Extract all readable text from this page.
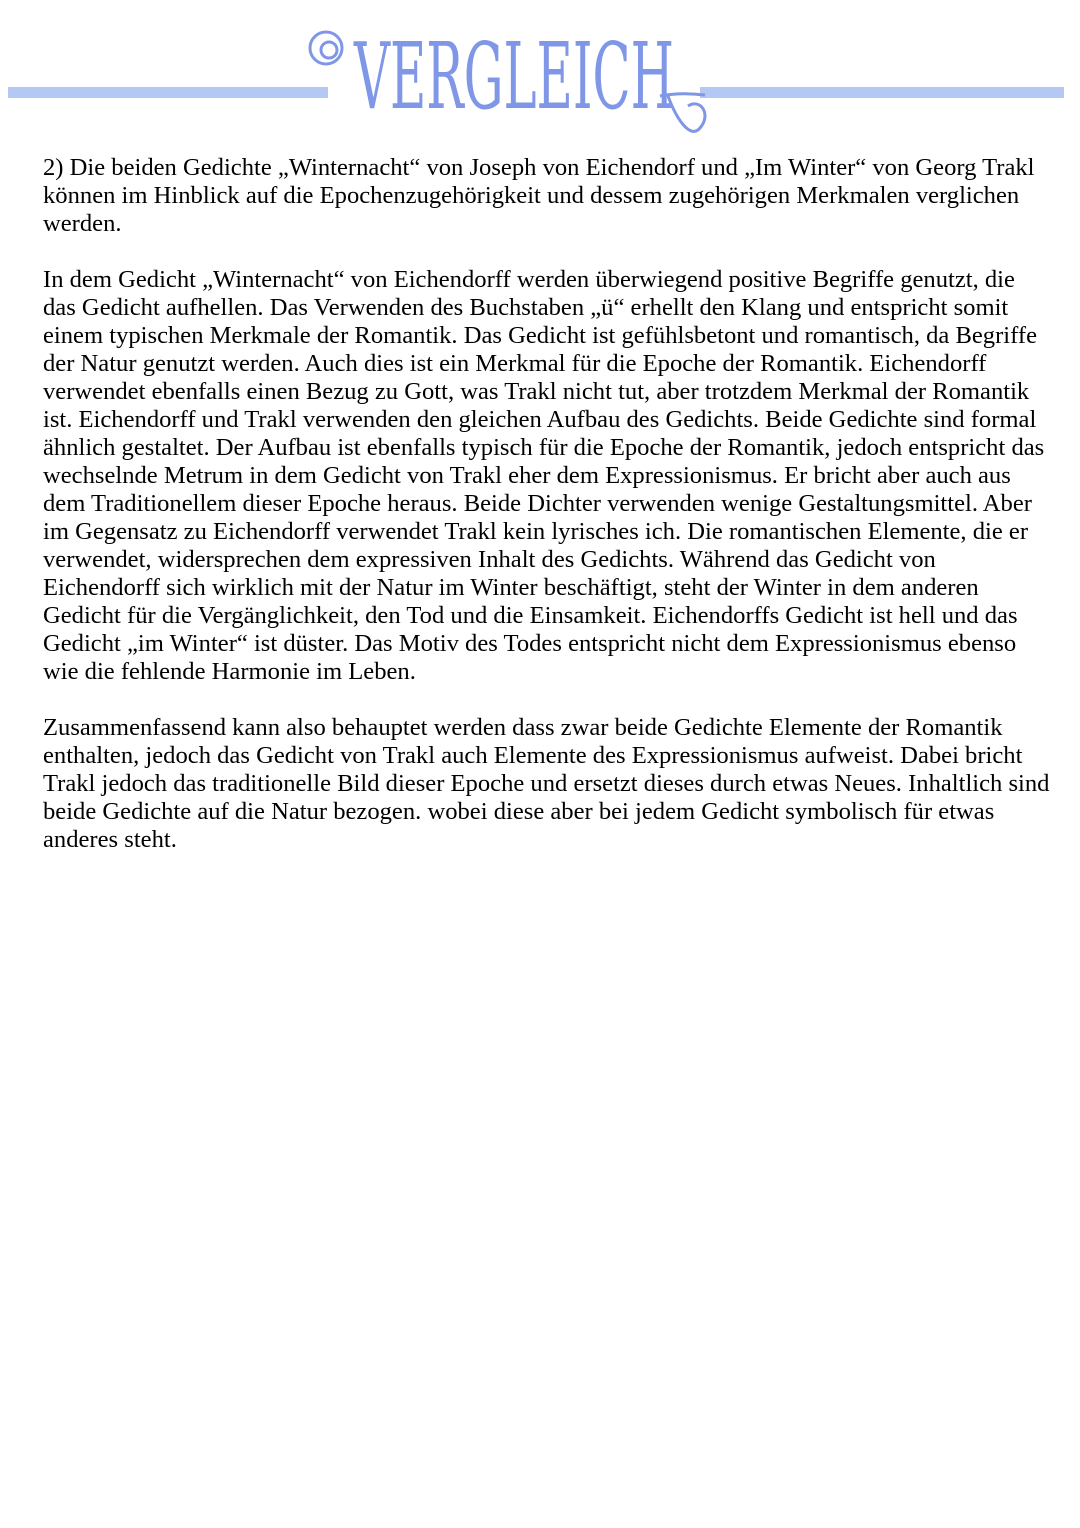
VERGLEICH

2) Die beiden Gedichte „Winternacht“ von Joseph von Eichendorf und „Im Winter“ von Georg Trakl können im Hinblick auf die Epochenzugehörigkeit und dessem zugehörigen Merkmalen verglichen werden.

In dem Gedicht „Winternacht“ von Eichendorff werden überwiegend positive Begriffe genutzt, die das Gedicht aufhellen. Das Verwenden des Buchstaben „ü“ erhellt den Klang und entspricht somit einem typischen Merkmale der Romantik. Das Gedicht ist gefühlsbetont und romantisch, da Begriffe der Natur genutzt werden. Auch dies ist ein Merkmal für die Epoche der Romantik. Eichendorff verwendet ebenfalls einen Bezug zu Gott, was Trakl nicht tut, aber trotzdem Merkmal der Romantik ist. Eichendorff und Trakl verwenden den gleichen Aufbau des Gedichts. Beide Gedichte sind formal ähnlich gestaltet. Der Aufbau ist ebenfalls typisch für die Epoche der Romantik, jedoch entspricht das wechselnde Metrum in dem Gedicht von Trakl eher dem Expressionismus. Er bricht aber auch aus dem Traditionellem dieser Epoche heraus. Beide Dichter verwenden wenige Gestaltungsmittel. Aber im Gegensatz zu Eichendorff verwendet Trakl kein lyrisches ich. Die romantischen Elemente, die er verwendet, widersprechen dem expressiven Inhalt des Gedichts. Während das Gedicht von Eichendorff sich wirklich mit der Natur im Winter beschäftigt, steht der Winter in dem anderen Gedicht für die Vergänglichkeit, den Tod und die Einsamkeit. Eichendorffs Gedicht ist hell und das Gedicht „im Winter“ ist düster. Das Motiv des Todes entspricht nicht dem Expressionismus ebenso wie die fehlende Harmonie im Leben.

Zusammenfassend kann also behauptet werden dass zwar beide Gedichte Elemente der Romantik enthalten, jedoch das Gedicht von Trakl auch Elemente des Expressionismus aufweist. Dabei bricht Trakl jedoch das traditionelle Bild dieser Epoche und ersetzt dieses durch etwas Neues. Inhaltlich sind beide Gedichte auf die Natur bezogen. wobei diese aber bei jedem Gedicht symbolisch für etwas anderes steht.
